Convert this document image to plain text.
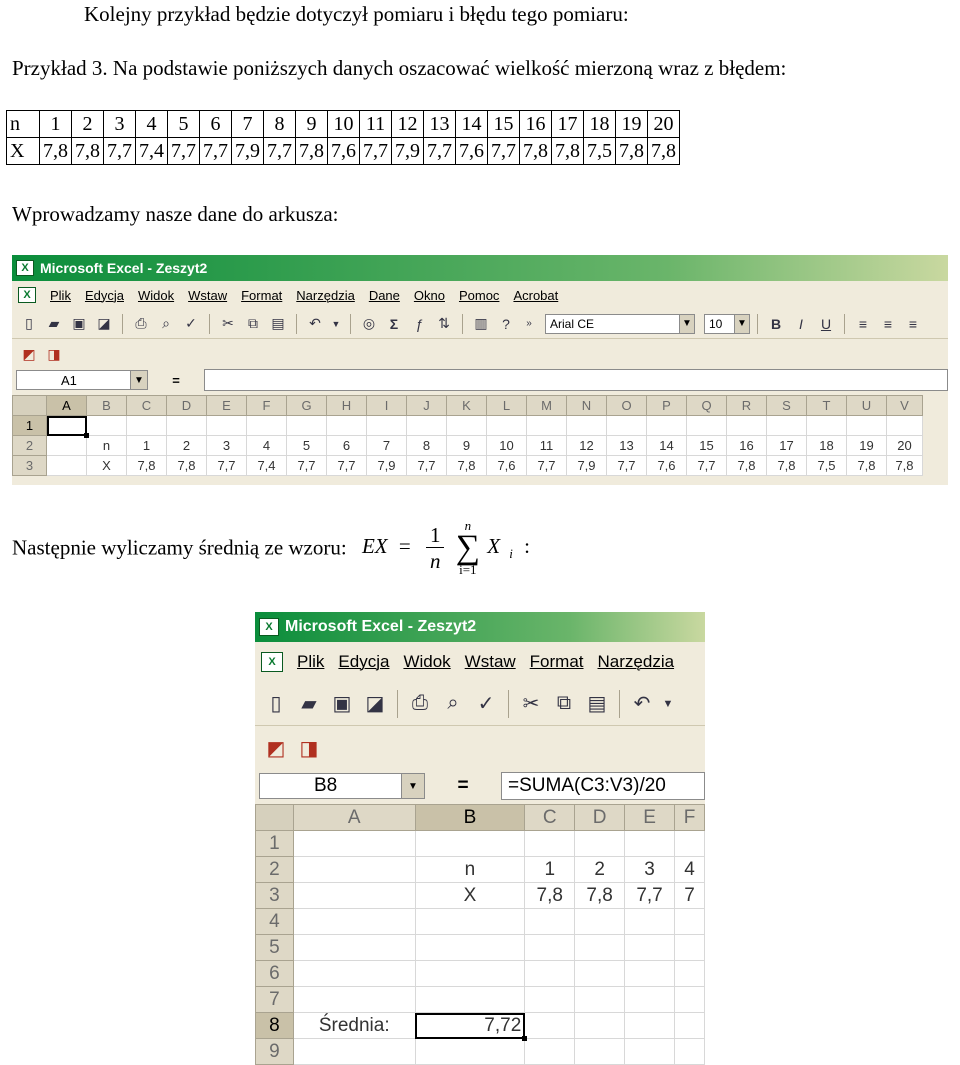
Kolejny przykład będzie dotyczył pomiaru i błędu tego pomiaru:
Przykład 3. Na podstawie poniższych danych oszacować wielkość mierzoną wraz z błędem:
n	1	2	3	4	5	6	7	8	9	10	11	12	13	14	15	16	17	18	19	20
X	7,8	7,8	7,7	7,4	7,7	7,7	7,9	7,7	7,8	7,6	7,7	7,9	7,7	7,6	7,7	7,8	7,8	7,5	7,8	7,8
Wprowadzamy nasze dane do arkusza:
X Microsoft Excel - Zeszyt2
X	Plik Edycja Widok Wstaw Format Narzędzia Dane Okno Pomoc Acrobat
▯	▰ ▣ ◪	⎙	⌕	✓	✂	⧉ ▤	↶	▼	◎	Σ	ƒ	⇅	▥	?	»	Arial CE	▼ 10	▼	B	I	U	≡	≡	≡
◩ ◨
A1	▼	=
	A	B	C	D	E	F	G	H	I	J	K	L	M	N	O	P	Q	R	S	T	U	V
1																						
2		n	1	2	3	4	5	6	7	8	9	10	11	12	13	14	15	16	17	18	19	20
3		X	7,8	7,8	7,7	7,4	7,7	7,7	7,9	7,7	7,8	7,6	7,7	7,9	7,7	7,6	7,7	7,8	7,8	7,5	7,8	7,8
Następnie wyliczamy średnią ze wzoru: EX = $\frac{1}{n}$
n
∑
i=1
X $_i$ :
X Microsoft Excel - Zeszyt2
X	Plik Edycja Widok Wstaw Format Narzędzia
▯ ▰ ▣ ◪	⎙ ⌕ ✓	✂ ⧉ ▤	↶	▼
◩ ◨
B8	▼	=	=SUMA(C3:V3)/20
	A	B	C	D	E	F
1						
2		n	1	2	3	4
3		X	7,8	7,8	7,7	7
4						
5						
6						
7						
8	Średnia:	7,72				
9						
